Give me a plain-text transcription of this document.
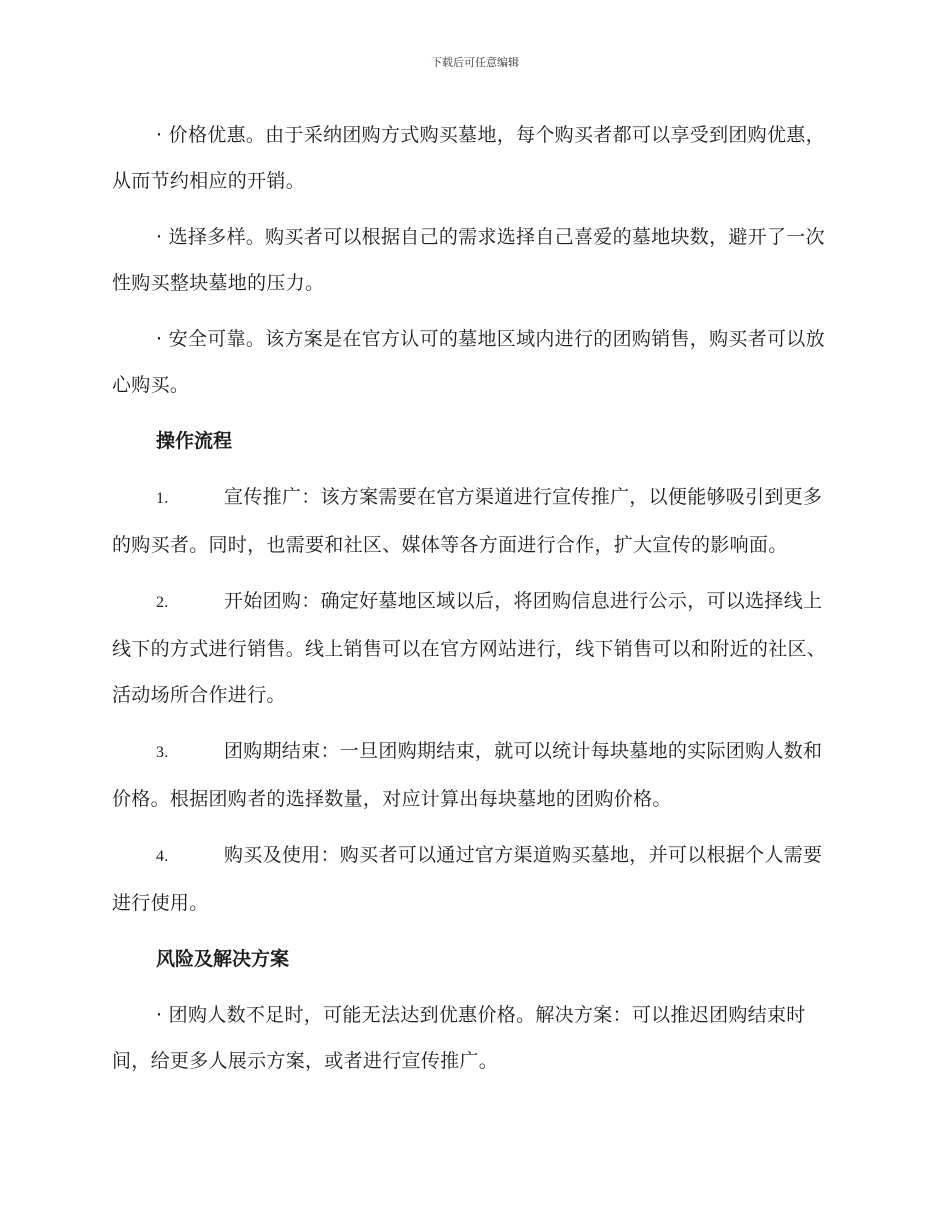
下载后可任意编辑

· 价格优惠。由于采纳团购方式购买墓地，每个购买者都可以享受到团购优惠，从而节约相应的开销。

· 选择多样。购买者可以根据自己的需求选择自己喜爱的墓地块数，避开了一次性购买整块墓地的压力。

· 安全可靠。该方案是在官方认可的墓地区域内进行的团购销售，购买者可以放心购买。

操作流程

1.	宣传推广：该方案需要在官方渠道进行宣传推广，以便能够吸引到更多的购买者。同时，也需要和社区、媒体等各方面进行合作，扩大宣传的影响面。

2.	开始团购：确定好墓地区域以后，将团购信息进行公示，可以选择线上线下的方式进行销售。线上销售可以在官方网站进行，线下销售可以和附近的社区、活动场所合作进行。

3.	团购期结束：一旦团购期结束，就可以统计每块墓地的实际团购人数和价格。根据团购者的选择数量，对应计算出每块墓地的团购价格。

4.	购买及使用：购买者可以通过官方渠道购买墓地，并可以根据个人需要进行使用。

风险及解决方案

· 团购人数不足时，可能无法达到优惠价格。解决方案：可以推迟团购结束时间，给更多人展示方案，或者进行宣传推广。
